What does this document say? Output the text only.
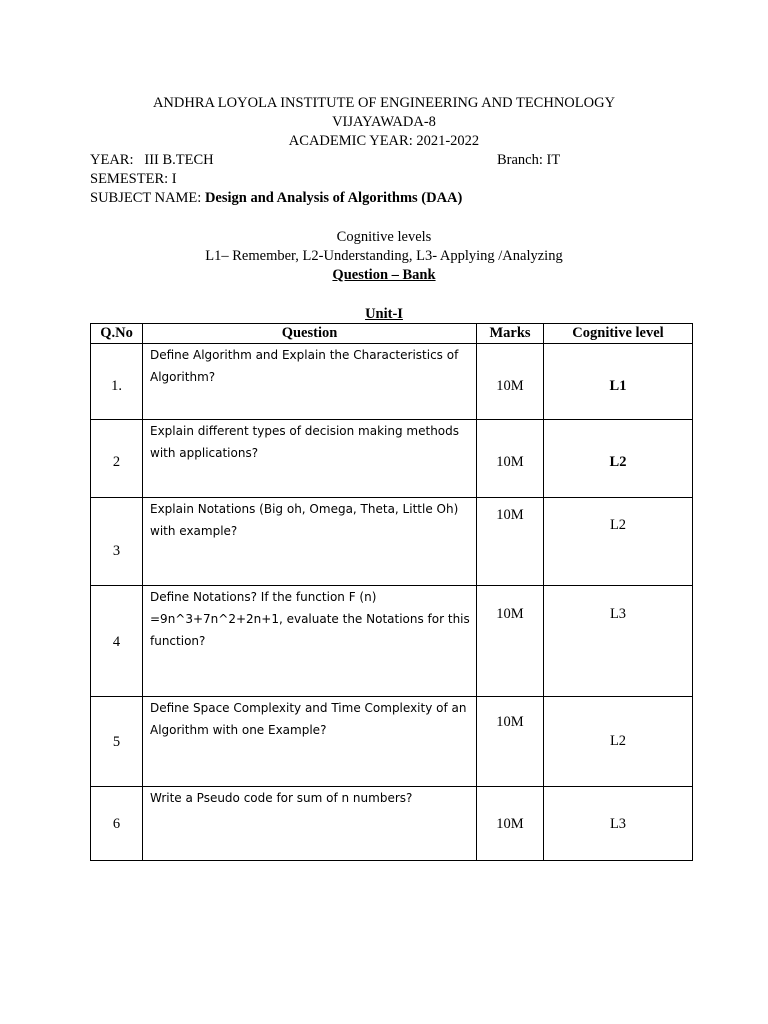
ANDHRA LOYOLA INSTITUTE OF ENGINEERING AND TECHNOLOGY
VIJAYAWADA-8
ACADEMIC YEAR: 2021-2022
YEAR: III B.TECH	Branch: IT
SEMESTER: I
SUBJECT NAME: Design and Analysis of Algorithms (DAA)
Cognitive levels
L1– Remember, L2-Understanding, L3- Applying /Analyzing
Question – Bank
Unit-I
Q.No	Question	Marks	Cognitive level
1.	Define Algorithm and Explain the Characteristics of Algorithm?	10M	L1
2	Explain different types of decision making methods with applications?	10M	L2
3	Explain Notations (Big oh, Omega, Theta, Little Oh) with example?	10M	L2
4	Define Notations? If the function F (n) =9n^3+7n^2+2n+1, evaluate the Notations for this function?	10M	L3
5	Define Space Complexity and Time Complexity of an Algorithm with one Example?	10M	L2
6	Write a Pseudo code for sum of n numbers?	10M	L3
